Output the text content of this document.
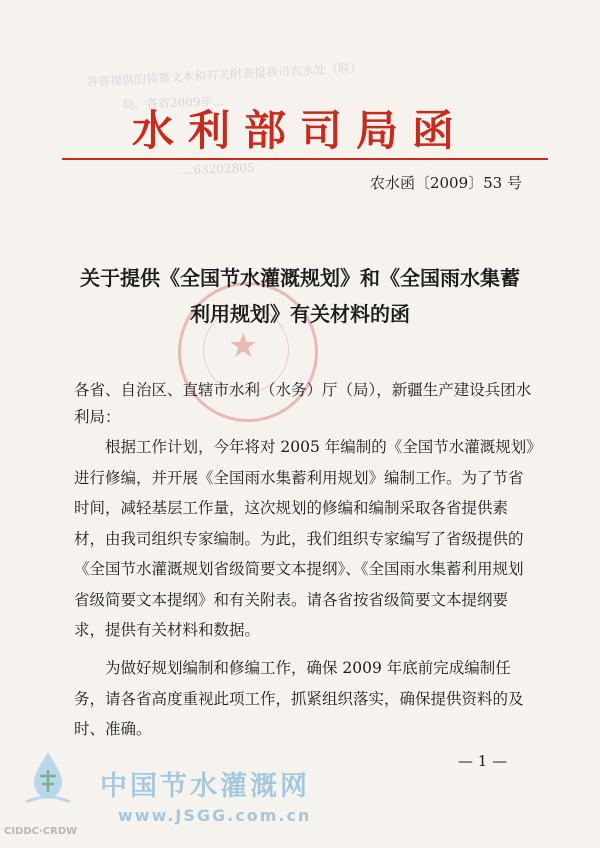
各省提供的简要文本和有关附表报我司农水处（联）
局，各省2009年...
...63202805
水利部司局函
农水函〔2009〕53 号
★
关于提供《全国节水灌溉规划》和《全国雨水集蓄
利用规划》有关材料的函
各省、自治区、直辖市水利（水务）厅（局），新疆生产建设兵团水利局：

根据工作计划，今年将对 2005 年编制的《全国节水灌溉规划》

进行修编，并开展《全国雨水集蓄利用规划》编制工作。为了节省

时间，减轻基层工作量，这次规划的修编和编制采取各省提供素

材，由我司组织专家编制。为此，我们组织专家编写了省级提供的

《全国节水灌溉规划省级简要文本提纲》、《全国雨水集蓄利用规划

省级简要文本提纲》和有关附表。请各省按省级简要文本提纲要

求，提供有关材料和数据。

为做好规划编制和修编工作，确保 2009 年底前完成编制任

务，请各省高度重视此项工作，抓紧组织落实，确保提供资料的及

时、准确。

— 1 —
中国节水灌溉网
www.JSGG.com.cn
CIDDC·CRDW
